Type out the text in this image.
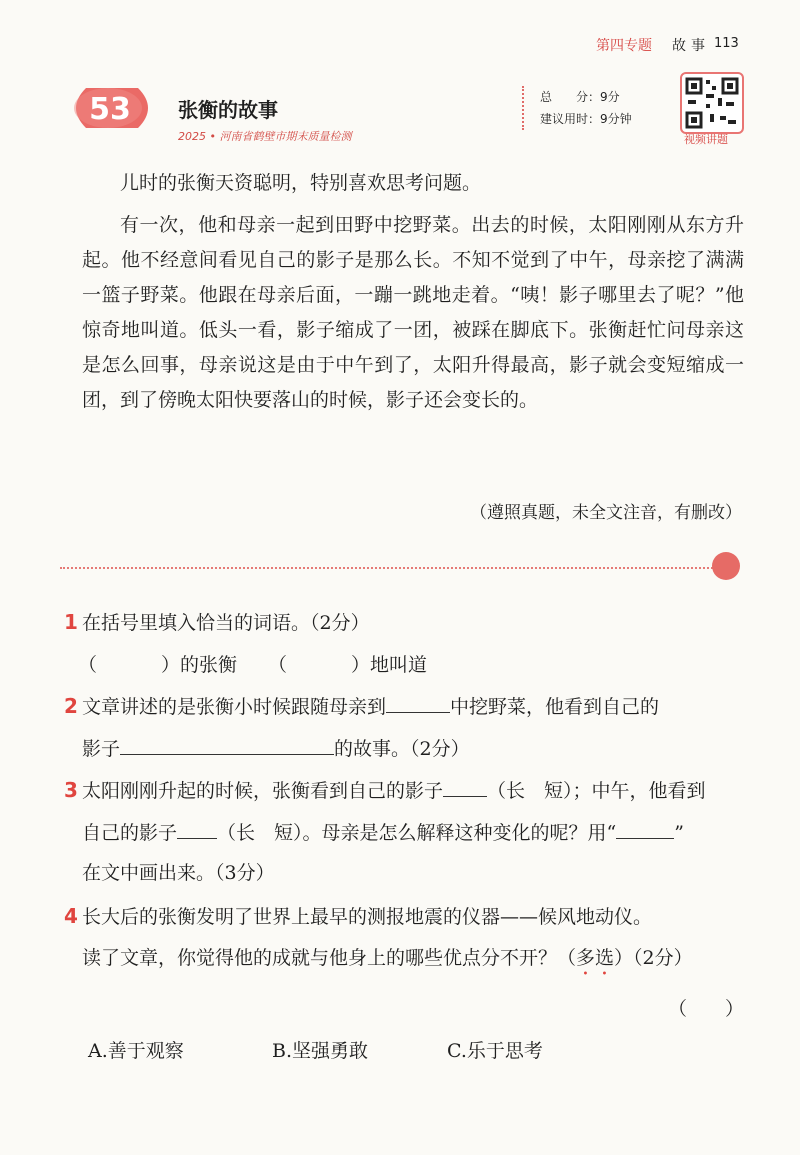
第四专题 故事 113
53 张衡的故事
2025 • 河南省鹤壁市期末质量检测
总　　分：9分
建议用时：9分钟
视频讲题

儿时的张衡天资聪明，特别喜欢思考问题。

有一次，他和母亲一起到田野中挖野菜。出去的时候，太阳刚刚从东方升起。他不经意间看见自己的影子是那么长。不知不觉到了中午，母亲挖了满满一篮子野菜。他跟在母亲后面，一蹦一跳地走着。“咦！影子哪里去了呢？”他惊奇地叫道。低头一看，影子缩成了一团，被踩在脚底下。张衡赶忙问母亲这是怎么回事，母亲说这是由于中午到了，太阳升得最高，影子就会变短缩成一团，到了傍晚太阳快要落山的时候，影子还会变长的。

（遵照真题，未全文注音，有删改）
1 在括号里填入恰当的词语。（2分）
（	）的张衡 （	）地叫道
2 文章讲述的是张衡小时候跟随母亲到	中挖野菜，他看到自己的
影子	的故事。（2分）
3 太阳刚刚升起的时候，张衡看到自己的影子 （长　短）；中午，他看到
自己的影子 （长　短）。母亲是怎么解释这种变化的呢？用“	”
在文中画出来。（3分）
4 长大后的张衡发明了世界上最早的测报地震的仪器——候风地动仪。
读了文章，你觉得他的成就与他身上的哪些优点分不开？（多选）（2分）
（　　）
A.善于观察	B.坚强勇敢	C.乐于思考
